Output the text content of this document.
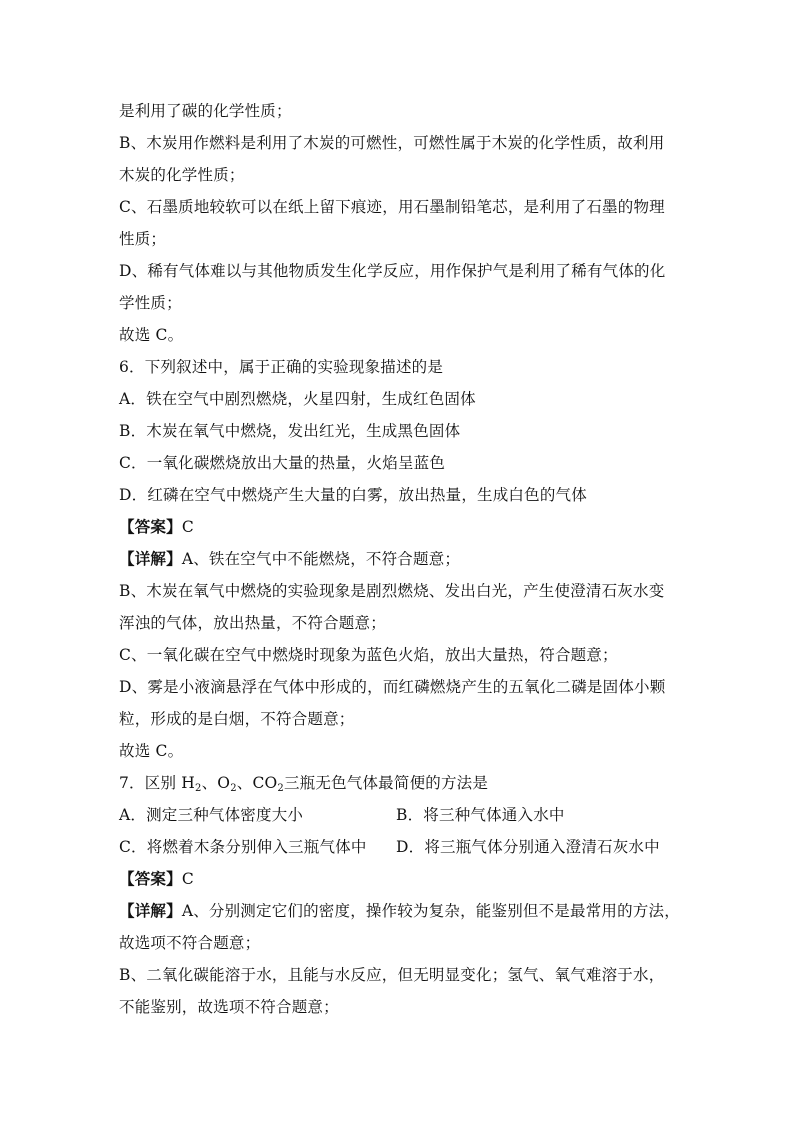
是利用了碳的化学性质；
B、木炭用作燃料是利用了木炭的可燃性，可燃性属于木炭的化学性质，故利用
木炭的化学性质；
C、石墨质地较软可以在纸上留下痕迹，用石墨制铅笔芯，是利用了石墨的物理
性质；
D、稀有气体难以与其他物质发生化学反应，用作保护气是利用了稀有气体的化
学性质；
故选 C。
6．下列叙述中，属于正确的实验现象描述的是
A．铁在空气中剧烈燃烧，火星四射，生成红色固体
B．木炭在氧气中燃烧，发出红光，生成黑色固体
C．一氧化碳燃烧放出大量的热量，火焰呈蓝色
D．红磷在空气中燃烧产生大量的白雾，放出热量，生成白色的气体
【答案】C
【详解】A、铁在空气中不能燃烧，不符合题意；
B、木炭在氧气中燃烧的实验现象是剧烈燃烧、发出白光，产生使澄清石灰水变
浑浊的气体，放出热量，不符合题意；
C、一氧化碳在空气中燃烧时现象为蓝色火焰，放出大量热，符合题意；
D、雾是小液滴悬浮在气体中形成的，而红磷燃烧产生的五氧化二磷是固体小颗
粒，形成的是白烟，不符合题意；
故选 C。
7．区别 $H_2$、$O_2$、$CO_2$三瓶无色气体最简便的方法是
A．测定三种气体密度大小	B．将三种气体通入水中
C．将燃着木条分别伸入三瓶气体中 D．将三瓶气体分别通入澄清石灰水中
【答案】C
【详解】A、分别测定它们的密度，操作较为复杂，能鉴别但不是最常用的方法，
故选项不符合题意；
B、二氧化碳能溶于水，且能与水反应，但无明显变化；氢气、氧气难溶于水，
不能鉴别，故选项不符合题意；
